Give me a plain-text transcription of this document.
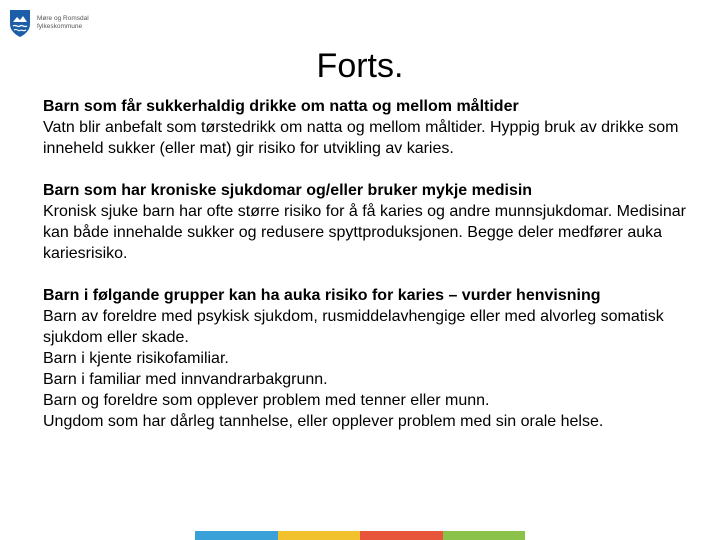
Møre og Romsdal
fylkeskommune
Forts.
Barn som får sukkerhaldig drikke om natta og mellom måltider
Vatn blir anbefalt som tørstedrikk om natta og mellom måltider. Hyppig bruk av drikke som inneheld sukker (eller mat) gir risiko for utvikling av karies.
Barn som har kroniske sjukdomar og/eller bruker mykje medisin
Kronisk sjuke barn har ofte større risiko for å få karies og andre munnsjukdomar. Medisinar kan både innehalde sukker og redusere spyttproduksjonen. Begge deler medfører auka kariesrisiko.
Barn i følgande grupper kan ha auka risiko for karies – vurder henvisning
Barn av foreldre med psykisk sjukdom, rusmiddelavhengige eller med alvorleg somatisk sjukdom eller skade.
Barn i kjente risikofamiliar.
Barn i familiar med innvandrarbakgrunn.
Barn og foreldre som opplever problem med tenner eller munn.
Ungdom som har dårleg tannhelse, eller opplever problem med sin orale helse.
